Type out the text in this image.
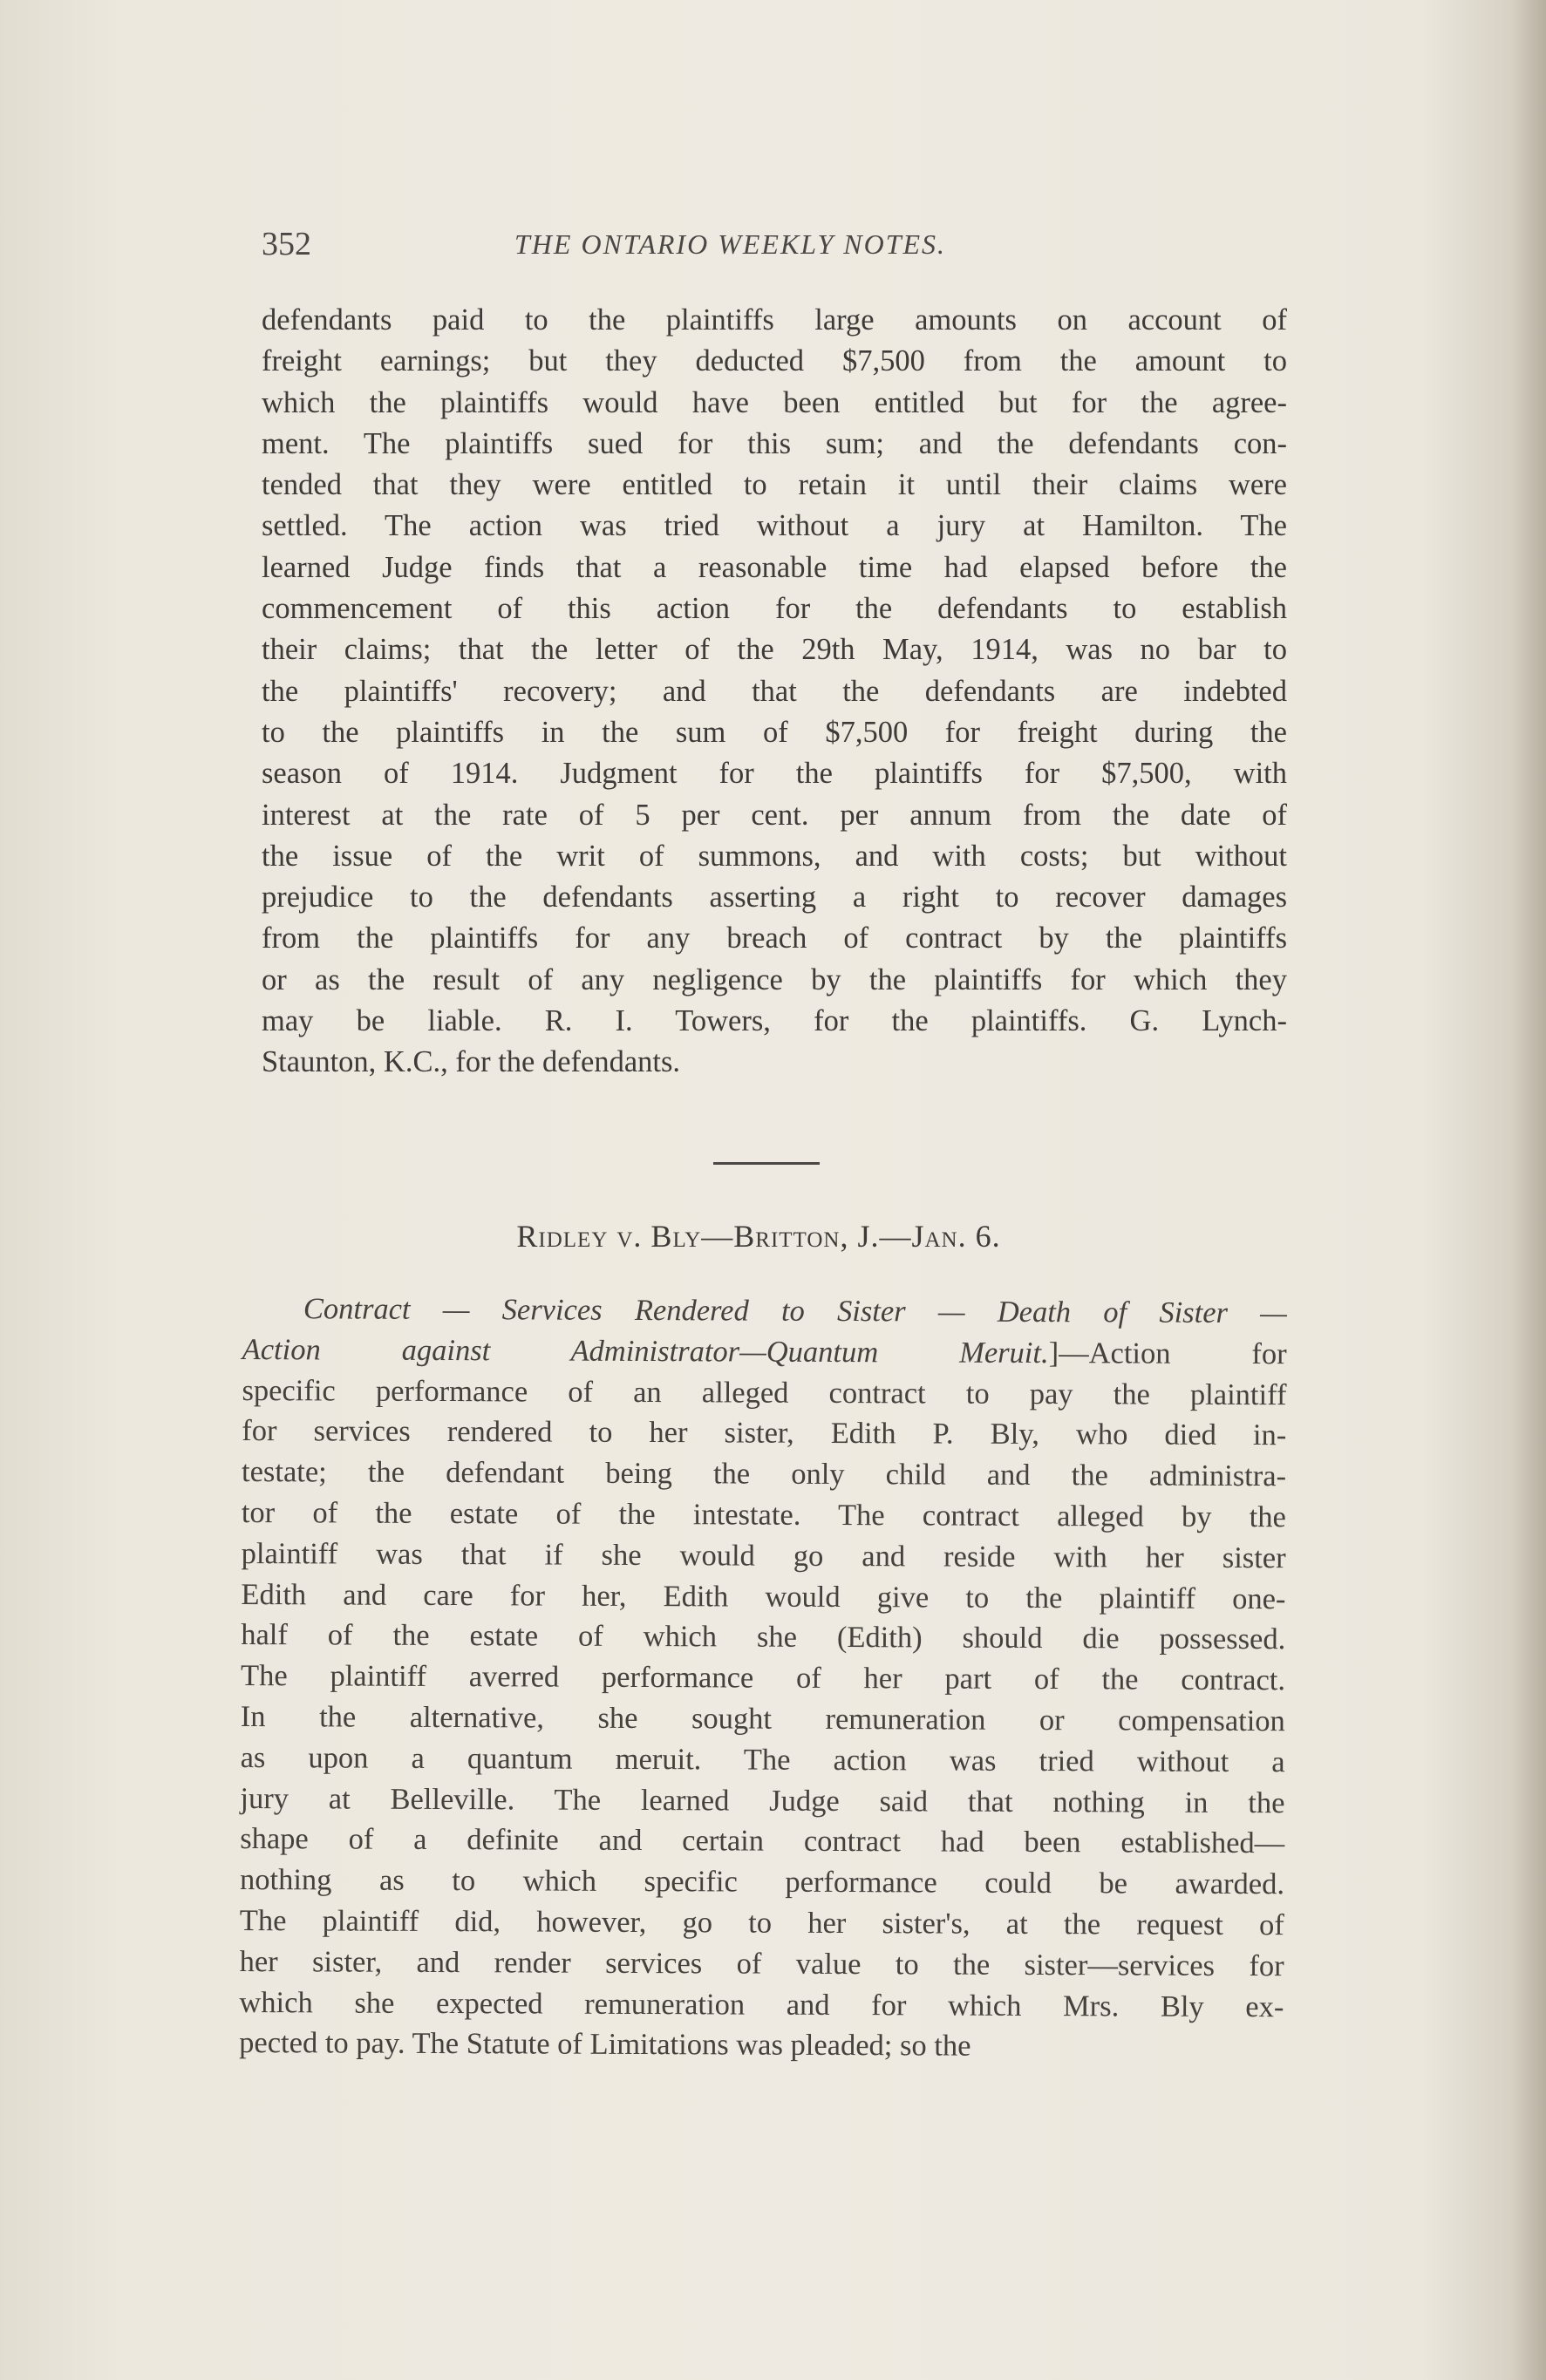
352	THE ONTARIO WEEKLY NOTES.
defendants paid to the plaintiffs large amounts on account of
freight earnings; but they deducted $7,500 from the amount to
which the plaintiffs would have been entitled but for the agree-
ment. The plaintiffs sued for this sum; and the defendants con-
tended that they were entitled to retain it until their claims were
settled. The action was tried without a jury at Hamilton. The
learned Judge finds that a reasonable time had elapsed before the
commencement of this action for the defendants to establish
their claims; that the letter of the 29th May, 1914, was no bar to
the plaintiffs' recovery; and that the defendants are indebted
to the plaintiffs in the sum of $7,500 for freight during the
season of 1914. Judgment for the plaintiffs for $7,500, with
interest at the rate of 5 per cent. per annum from the date of
the issue of the writ of summons, and with costs; but without
prejudice to the defendants asserting a right to recover damages
from the plaintiffs for any breach of contract by the plaintiffs
or as the result of any negligence by the plaintiffs for which they
may be liable. R. I. Towers, for the plaintiffs. G. Lynch-
Staunton, K.C., for the defendants.
Ridley v. Bly—Britton, J.—Jan. 6.
Contract — Services Rendered to Sister — Death of Sister —
Action against Administrator—Quantum Meruit.]—Action for
specific performance of an alleged contract to pay the plaintiff
for services rendered to her sister, Edith P. Bly, who died in-
testate; the defendant being the only child and the administra-
tor of the estate of the intestate. The contract alleged by the
plaintiff was that if she would go and reside with her sister
Edith and care for her, Edith would give to the plaintiff one-
half of the estate of which she (Edith) should die possessed.
The plaintiff averred performance of her part of the contract.
In the alternative, she sought remuneration or compensation
as upon a quantum meruit. The action was tried without a
jury at Belleville. The learned Judge said that nothing in the
shape of a definite and certain contract had been established—
nothing as to which specific performance could be awarded.
The plaintiff did, however, go to her sister's, at the request of
her sister, and render services of value to the sister—services for
which she expected remuneration and for which Mrs. Bly ex-
pected to pay. The Statute of Limitations was pleaded; so the
